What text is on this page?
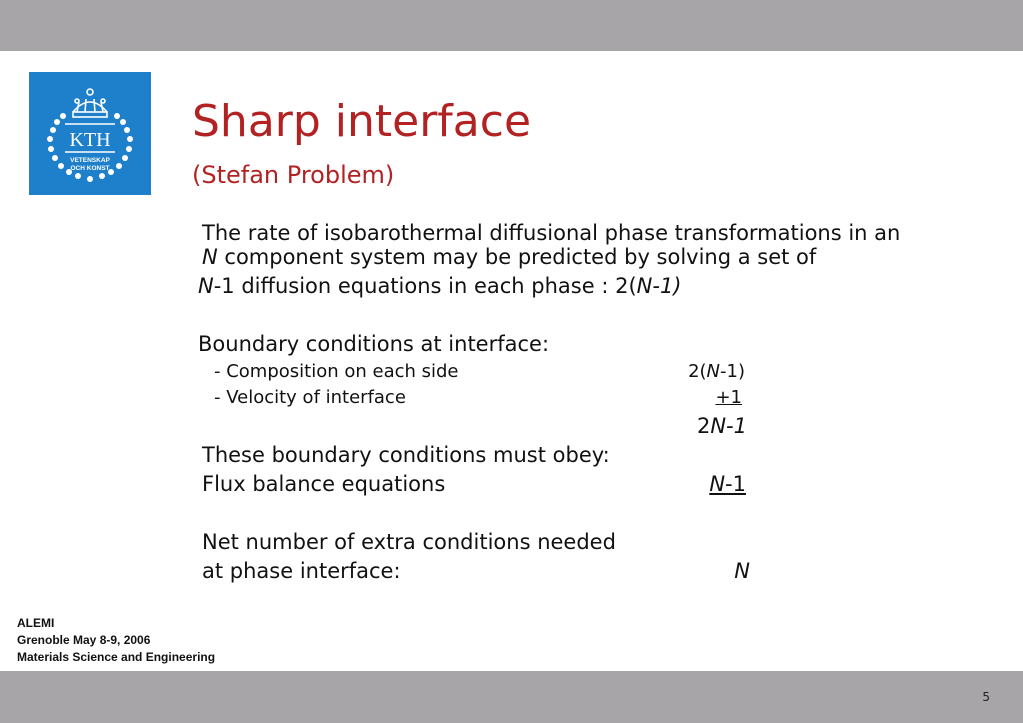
KTH
VETENSKAP
OCH KONST
Sharp interface
(Stefan Problem)
The rate of isobarothermal diffusional phase transformations in an
N component system may be predicted by solving a set of
N-1 diffusion equations in each phase : 2(N-1)
Boundary conditions at interface:
- Composition on each side	2(N-1)
- Velocity of interface	+1
2N-1
These boundary conditions must obey:
Flux balance equations	N-1
Net number of extra conditions needed
at phase interface:	N
ALEMI
Grenoble May 8-9, 2006
Materials Science and Engineering
5
